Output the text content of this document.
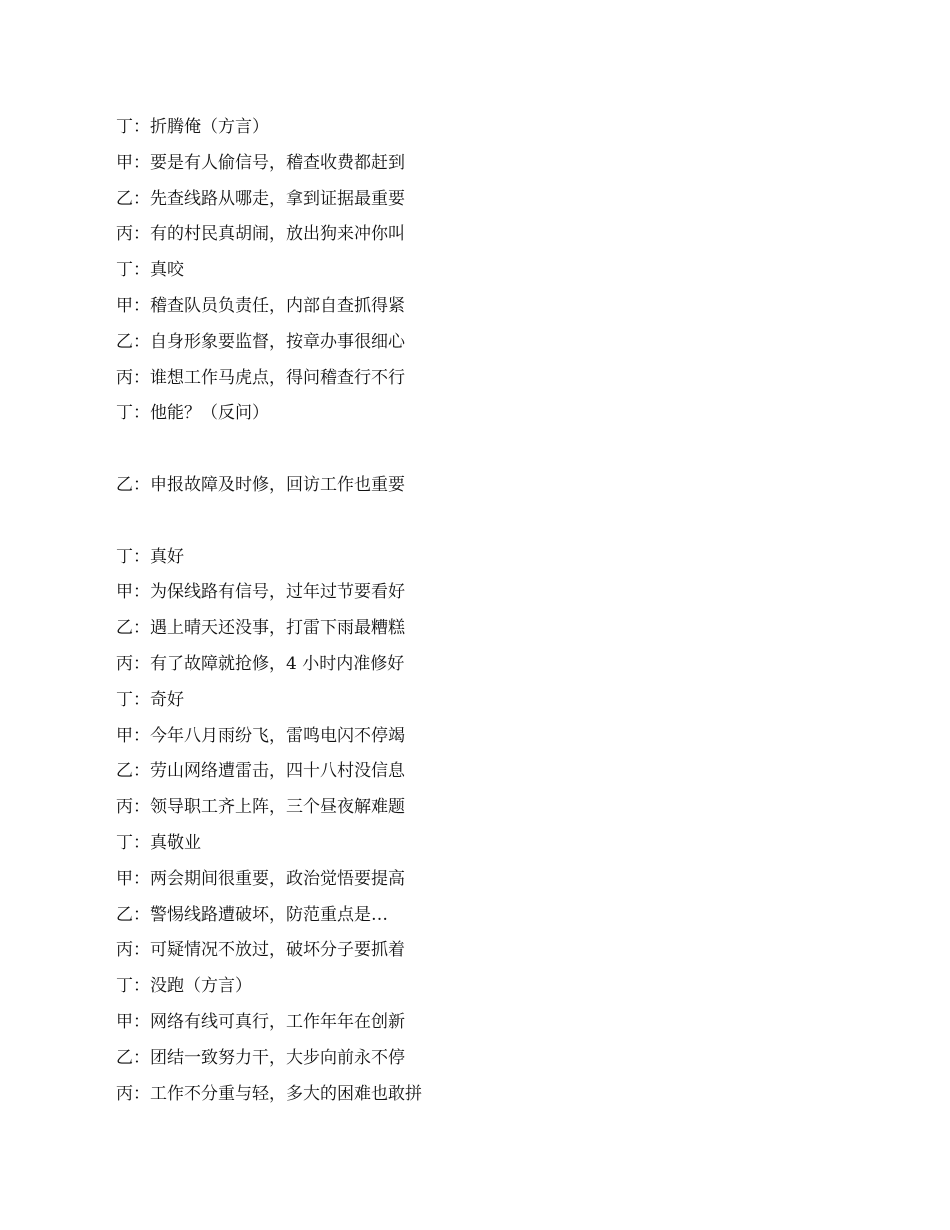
丁：折腾俺（方言）
甲：要是有人偷信号，稽查收费都赶到
乙：先查线路从哪走，拿到证据最重要
丙：有的村民真胡闹，放出狗来冲你叫
丁：真咬
甲：稽查队员负责任，内部自查抓得紧
乙：自身形象要监督，按章办事很细心
丙：谁想工作马虎点，得问稽查行不行
丁：他能？（反问）
乙：申报故障及时修，回访工作也重要
丁：真好
甲：为保线路有信号，过年过节要看好
乙：遇上晴天还没事，打雷下雨最糟糕
丙：有了故障就抢修，4 小时内准修好
丁：奇好
甲：今年八月雨纷飞，雷鸣电闪不停竭
乙：劳山网络遭雷击，四十八村没信息
丙：领导职工齐上阵，三个昼夜解难题
丁：真敬业
甲：两会期间很重要，政治觉悟要提高
乙：警惕线路遭破坏，防范重点是…
丙：可疑情况不放过，破坏分子要抓着
丁：没跑（方言）
甲：网络有线可真行，工作年年在创新
乙：团结一致努力干，大步向前永不停
丙：工作不分重与轻，多大的困难也敢拼
